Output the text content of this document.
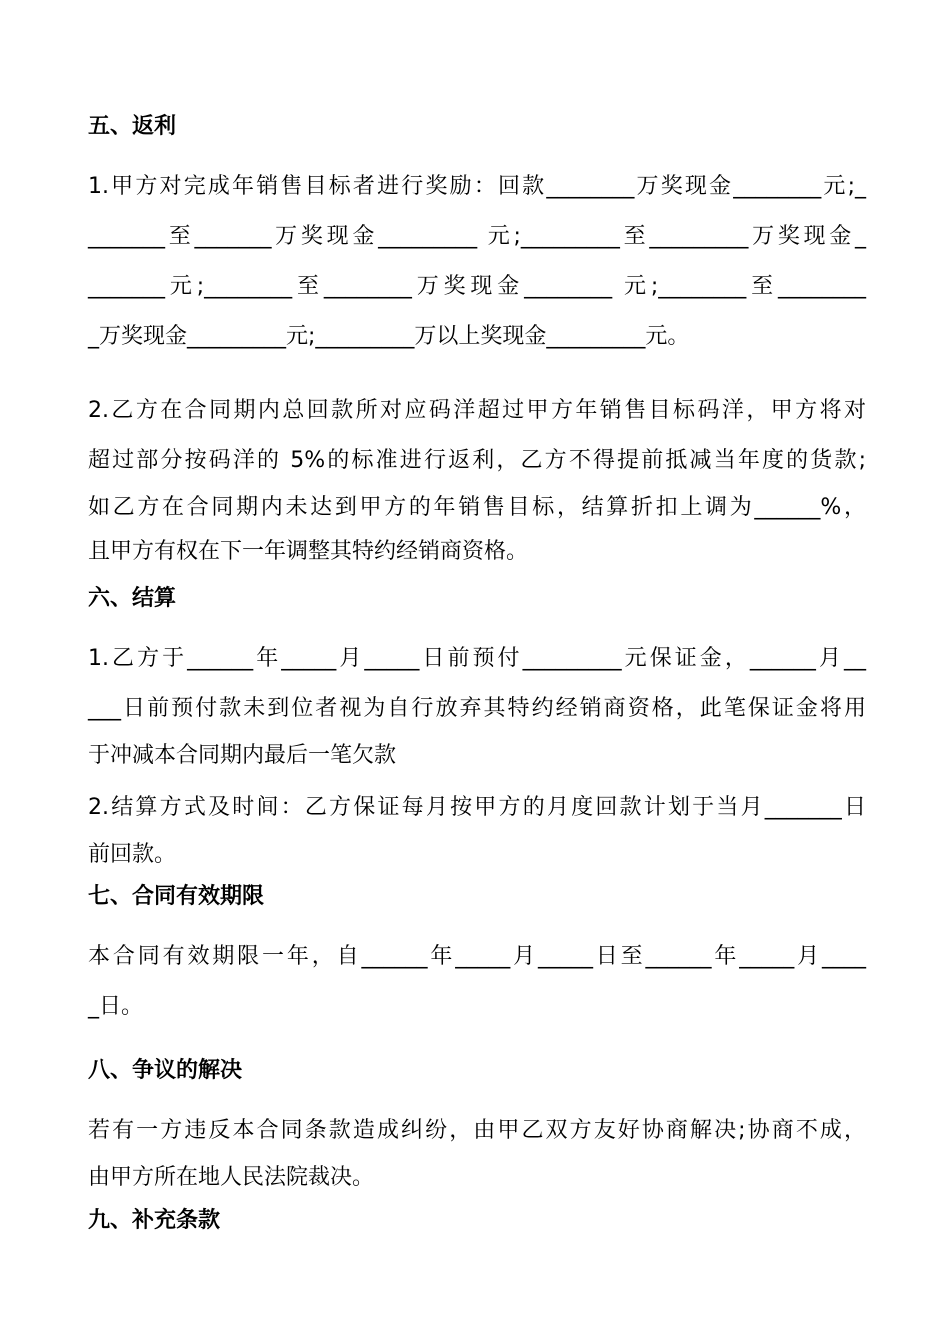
五、返利
1.甲方对完成年销售目标者进行奖励：回款________万奖现金________元;_
_______至_______万奖现金_________ 元;_________至_________万奖现金_
_______元;________至________万奖现金________ 元;________至________
_万奖现金_________元;_________万以上奖现金_________元。
2.乙方在合同期内总回款所对应码洋超过甲方年销售目标码洋，甲方将对
超过部分按码洋的 5%的标准进行返利，乙方不得提前抵减当年度的货款;
如乙方在合同期内未达到甲方的年销售目标，结算折扣上调为______%，
且甲方有权在下一年调整其特约经销商资格。
六、结算
1.乙方于______年_____月_____日前预付_________元保证金，______月__
___日前预付款未到位者视为自行放弃其特约经销商资格，此笔保证金将用
于冲减本合同期内最后一笔欠款
2.结算方式及时间：乙方保证每月按甲方的月度回款计划于当月_______日
前回款。
七、合同有效期限
本合同有效期限一年，自______年_____月_____日至______年_____月____
_日。
八、争议的解决
若有一方违反本合同条款造成纠纷，由甲乙双方友好协商解决;协商不成，
由甲方所在地人民法院裁决。
九、补充条款
